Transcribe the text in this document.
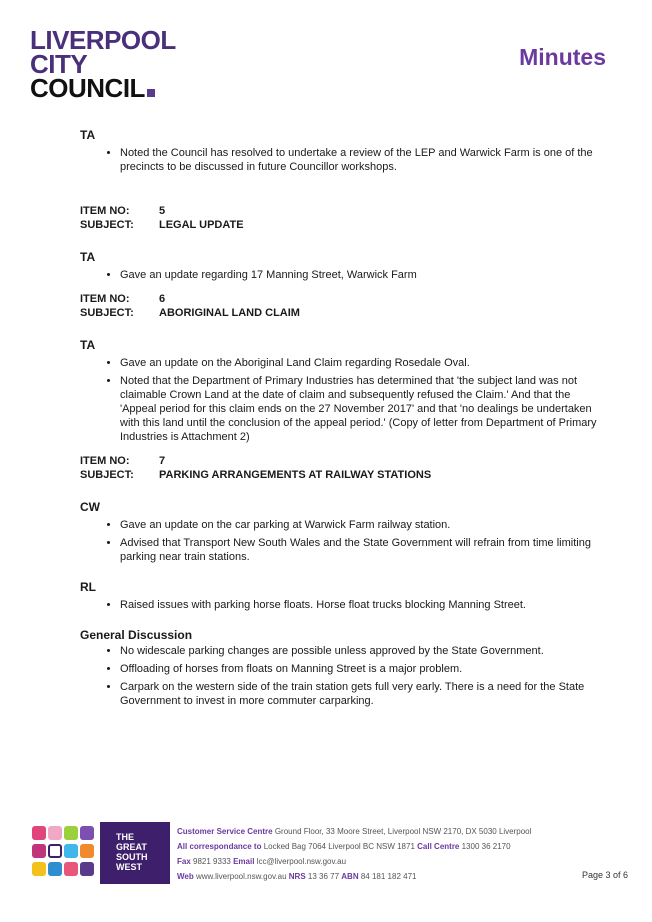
LIVERPOOL
CITY
COUNCIL
Minutes

TA

• Noted the Council has resolved to undertake a review of the LEP and Warwick Farm is one of the precincts to be discussed in future Councillor workshops.
ITEM NO:	5
SUBJECT:	LEGAL UPDATE

TA

• Gave an update regarding 17 Manning Street, Warwick Farm
ITEM NO:	6
SUBJECT:	ABORIGINAL LAND CLAIM

TA

• Gave an update on the Aboriginal Land Claim regarding Rosedale Oval.
• Noted that the Department of Primary Industries has determined that 'the subject land was not claimable Crown Land at the date of claim and subsequently refused the Claim.' And that the 'Appeal period for this claim ends on the 27 November 2017' and that 'no dealings be undertaken with this land until the conclusion of the appeal period.' (Copy of letter from Department of Primary Industries is Attachment 2)
ITEM NO:	7
SUBJECT:	PARKING ARRANGEMENTS AT RAILWAY STATIONS

CW

• Gave an update on the car parking at Warwick Farm railway station.
• Advised that Transport New South Wales and the State Government will refrain from time limiting parking near train stations.

RL

• Raised issues with parking horse floats. Horse float trucks blocking Manning Street.

General Discussion

• No widescale parking changes are possible unless approved by the State Government.
• Offloading of horses from floats on Manning Street is a major problem.
• Carpark on the western side of the train station gets full very early. There is a need for the State Government to invest in more commuter carparking.
THE
GREAT
SOUTH
WEST
Customer Service Centre Ground Floor, 33 Moore Street, Liverpool NSW 2170, DX 5030 Liverpool
All correspondance to Locked Bag 7064 Liverpool BC NSW 1871 Call Centre 1300 36 2170
Fax 9821 9333 Email lcc@liverpool.nsw.gov.au
Web www.liverpool.nsw.gov.au NRS 13 36 77 ABN 84 181 182 471	Page 3 of 6
